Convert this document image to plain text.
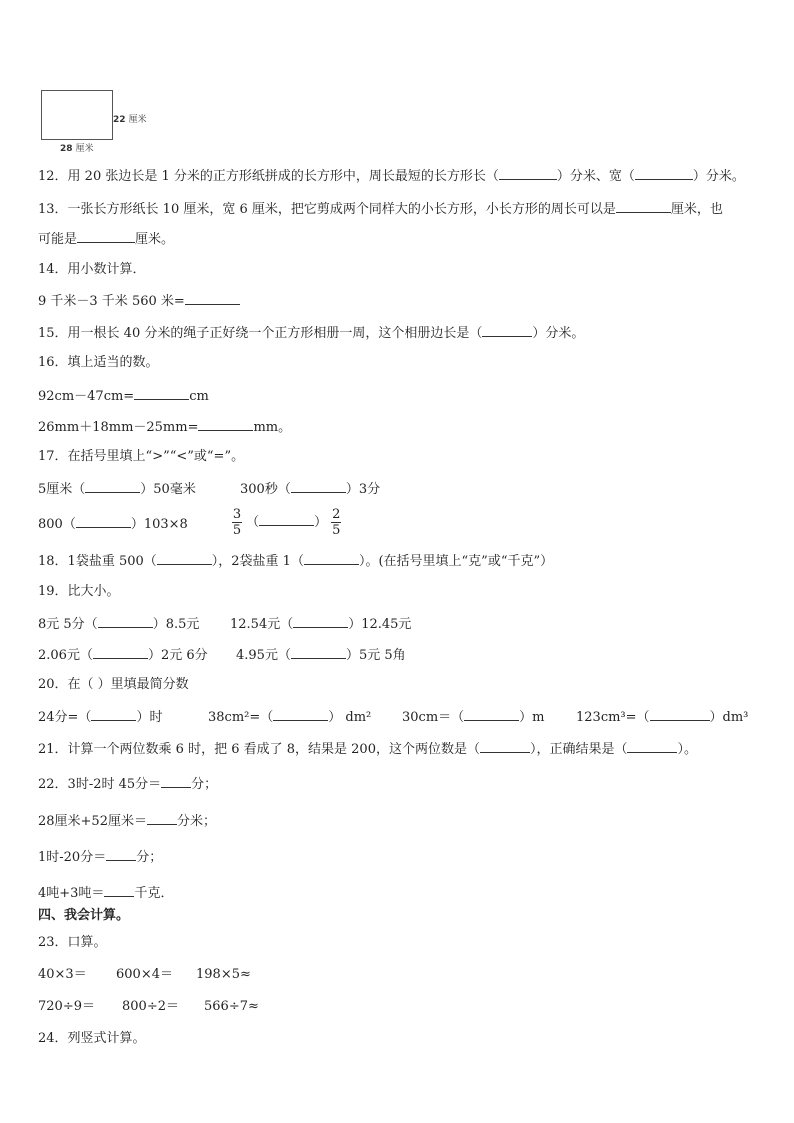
22 厘米
28 厘米
12．用 20 张边长是 1 分米的正方形纸拼成的长方形中，周长最短的长方形长（	）分米、宽（	）分米。
13．一张长方形纸长 10 厘米，宽 6 厘米，把它剪成两个同样大的小长方形，小长方形的周长可以是	厘米，也
可能是	厘米。
14．用小数计算．
9 千米－3 千米 560 米=
15．用一根长 40 分米的绳子正好绕一个正方形相册一周，这个相册边长是（	）分米。
16．填上适当的数。
92cm－47cm=	cm
26mm＋18mm－25mm=	mm。
17．在括号里填上“>”“<”或“=”。
5厘米（	）50毫米	300秒（	）3分
800（	）103×8	$\frac{3}{5}$ （	） $\frac{2}{5}$
18．1袋盐重 500（	），2袋盐重 1（	）。(在括号里填上“克”或“千克”）
19．比大小。
8元 5分（	）8.5元 12.54元（	）12.45元
2.06元（	）2元 6分 4.95元（	）5元 5角
20．在（ ）里填最简分数
24分=（	）时	38cm²=（	） dm² 30cm＝（	）m 123cm³=（	）dm³
21．计算一个两位数乘 6 时，把 6 看成了 8，结果是 200，这个两位数是（	），正确结果是（	）。
22．3时-2时 45分＝ 分；
28厘米+52厘米＝ 分米；
1时-20分＝ 分；
4吨+3吨＝ 千克．
四、我会计算。
23．口算。
40×3＝ 600×4＝ 198×5≈
720÷9＝ 800÷2＝ 566÷7≈
24．列竖式计算。
